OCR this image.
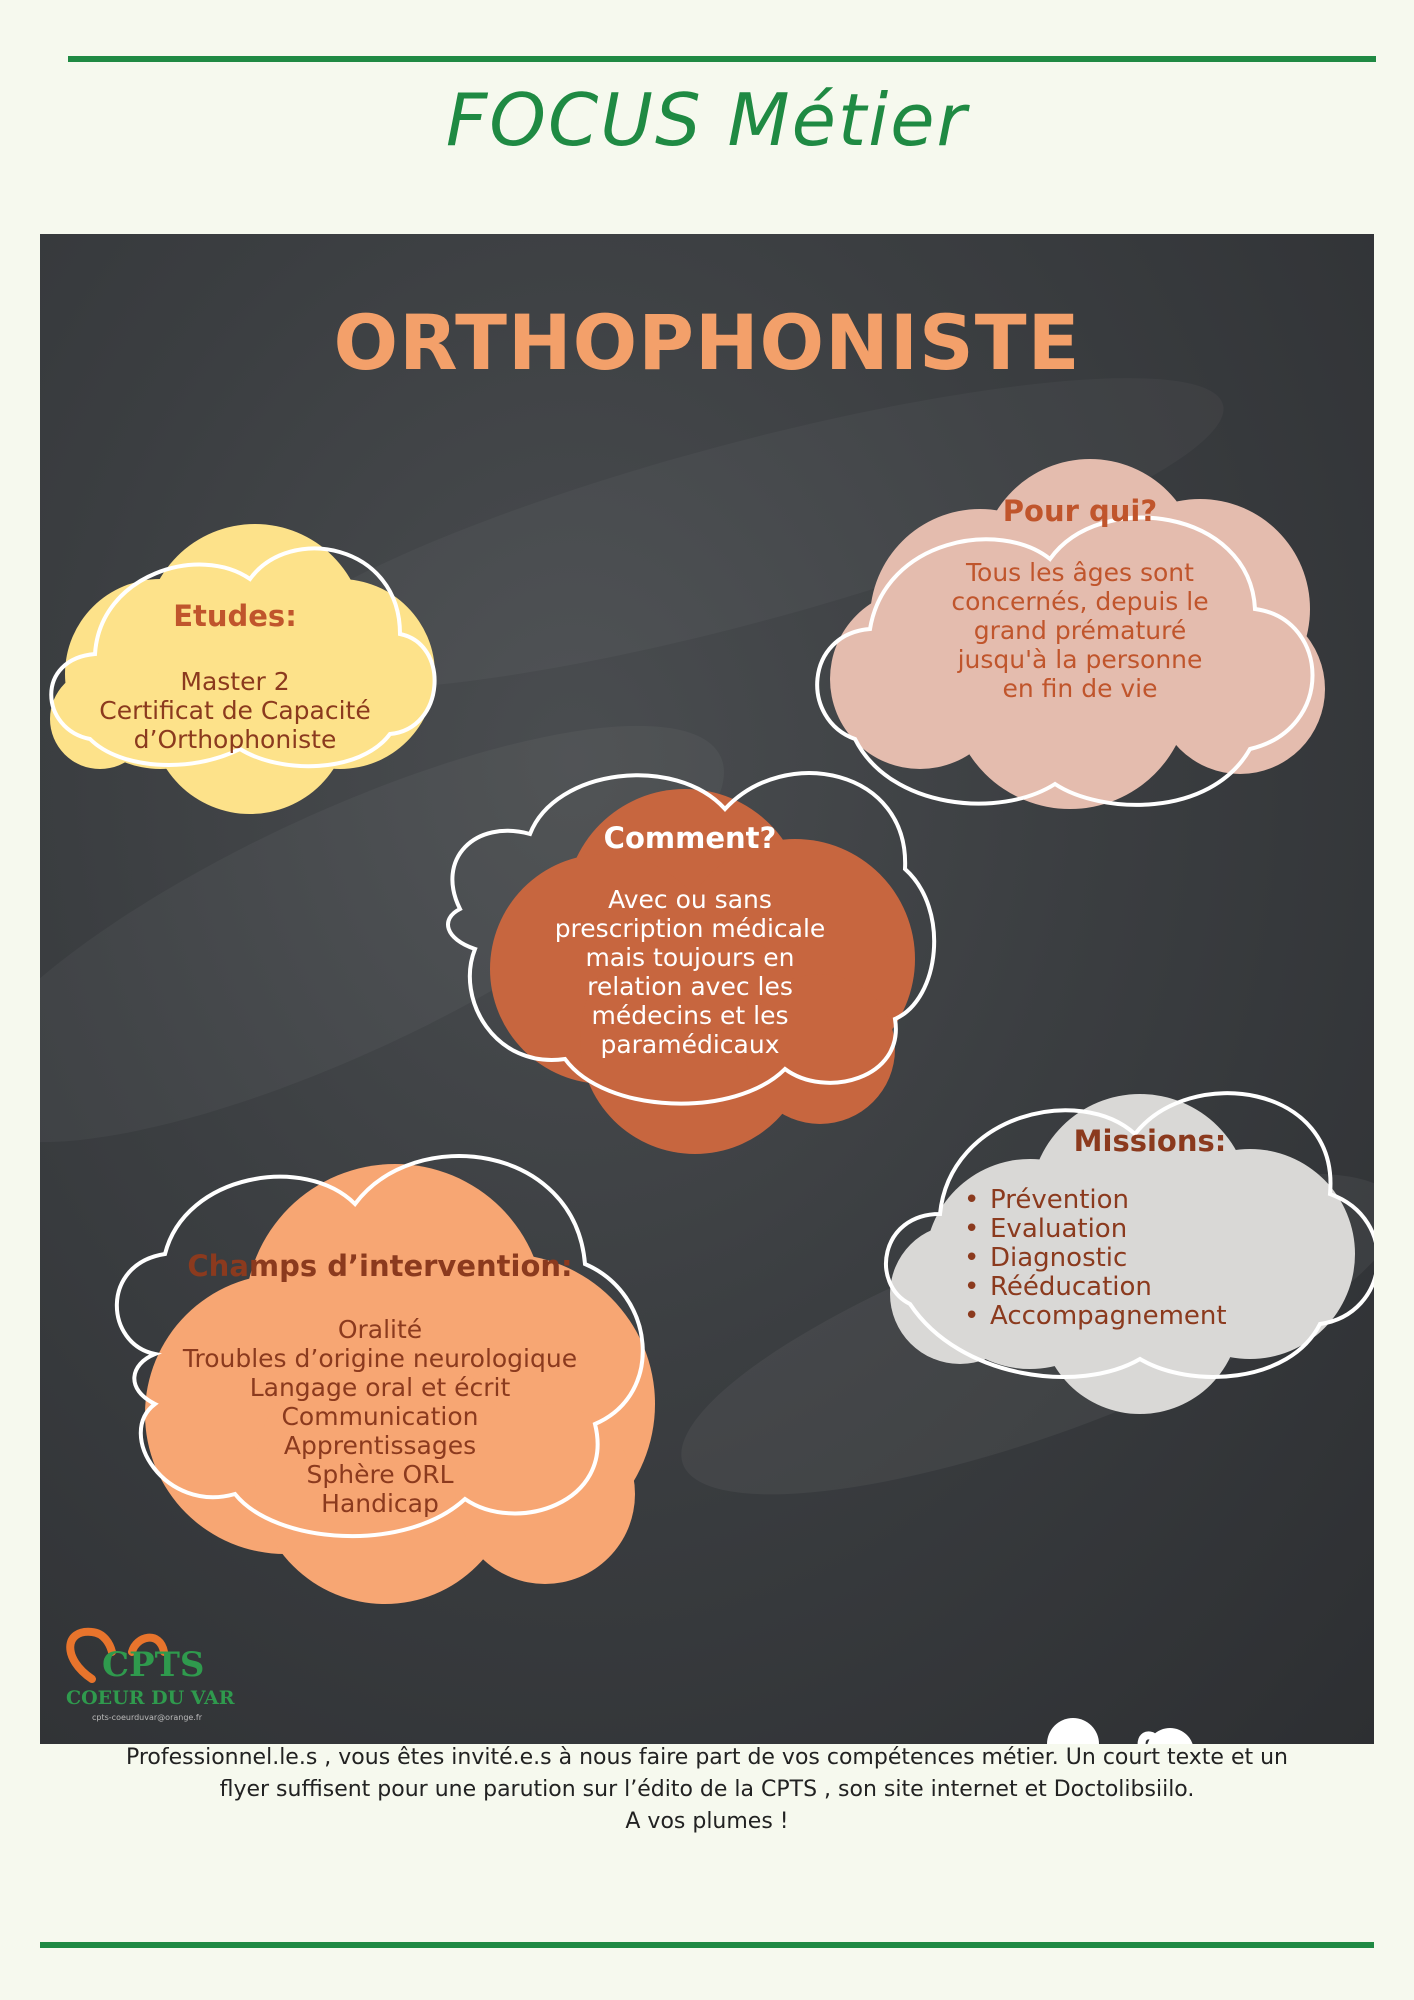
FOCUS Métier
ORTHOPHONISTE
Etudes:
Master 2
Certificat de Capacité
d’Orthophoniste
Pour qui?
Tous les âges sont
concernés, depuis le
grand prématuré
jusqu'à la personne
en fin de vie
Comment?
Avec ou sans
prescription médicale
mais toujours en
relation avec les
médecins et les
paramédicaux
Missions:
• Prévention
• Evaluation
• Diagnostic
• Rééducation
• Accompagnement
Champs d’intervention:
Oralité
Troubles d’origine neurologique
Langage oral et écrit
Communication
Apprentissages
Sphère ORL
Handicap
CPTS
COEUR DU VAR
cpts-coeurduvar@orange.fr
Professionnel.le.s , vous êtes invité.e.s à nous faire part de vos compétences métier. Un court texte et un
flyer suffisent pour une parution sur l’édito de la CPTS , son site internet et Doctolibsiilo.
A vos plumes !
